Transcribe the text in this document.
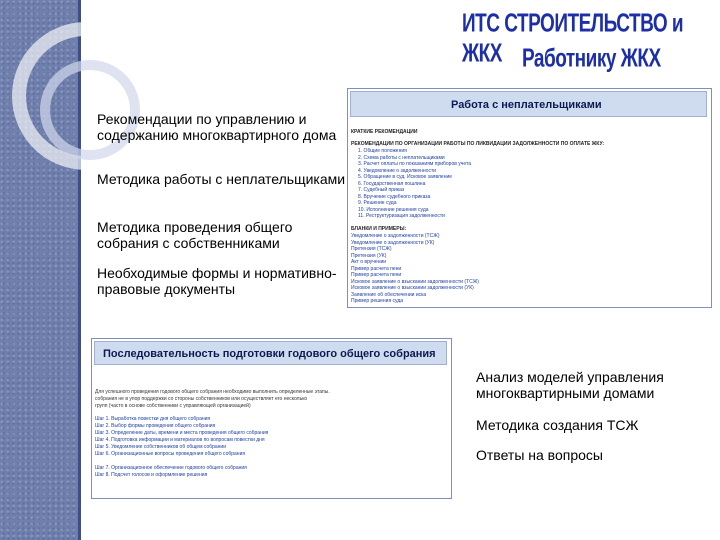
ИТС СТРОИТЕЛЬСТВО и ЖКХ	Работнику ЖКХ
Рекомендации по управлению и содержанию многоквартирного дома
Методика работы с неплательщиками
Методика проведения общего собрания с собственниками
Необходимые формы и нормативно-правовые документы
Анализ моделей управления многоквартирными домами
Методика создания ТСЖ
Ответы на вопросы
Работа с неплательщиками
КРАТКИЕ РЕКОМЕНДАЦИИ
РЕКОМЕНДАЦИИ ПО ОРГАНИЗАЦИИ РАБОТЫ ПО ЛИКВИДАЦИИ ЗАДОЛЖЕННОСТИ ПО ОПЛАТЕ ЖКУ:
1. Общие положения
2. Схема работы с неплательщиками
3. Расчет оплаты по показаниям приборов учета
4. Уведомление о задолженности
5. Обращение в суд. Исковое заявление
6. Государственная пошлина
7. Судебный приказ
8. Вручение судебного приказа
9. Решение суда
10. Исполнение решения суда
11. Реструктуризация задолженности
БЛАНКИ И ПРИМЕРЫ:
Уведомление о задолженности (ТСЖ)
Уведомление о задолженности (УК)
Претензия (ТСЖ)
Претензия (УК)
Акт о вручении
Пример расчета пени
Пример расчета пени
Исковое заявление о взыскании задолженности (ТСЖ)
Исковое заявление о взыскании задолженности (УК)
Заявление об обеспечении иска
Пример решения суда
Последовательность подготовки годового общего собрания
Для успешного проведения годового общего собрания необходимо выполнить определенные этапы.
собрания не в упор поддержки со стороны собственников или осуществляет его несколько
групп (часто в основе собственники с управляющей организацией)
Шаг 1. Выработка повестки дня общего собрания
Шаг 2. Выбор формы проведения общего собрания
Шаг 3. Определение даты, времени и места проведения общего собрания
Шаг 4. Подготовка информации и материалов по вопросам повестки дня
Шаг 5. Уведомление собственников об общем собрании
Шаг 6. Организационные вопросы проведения общего собрания
Шаг 7. Организационное обеспечение годового общего собрания
Шаг 8. Подсчет голосов и оформление решения
